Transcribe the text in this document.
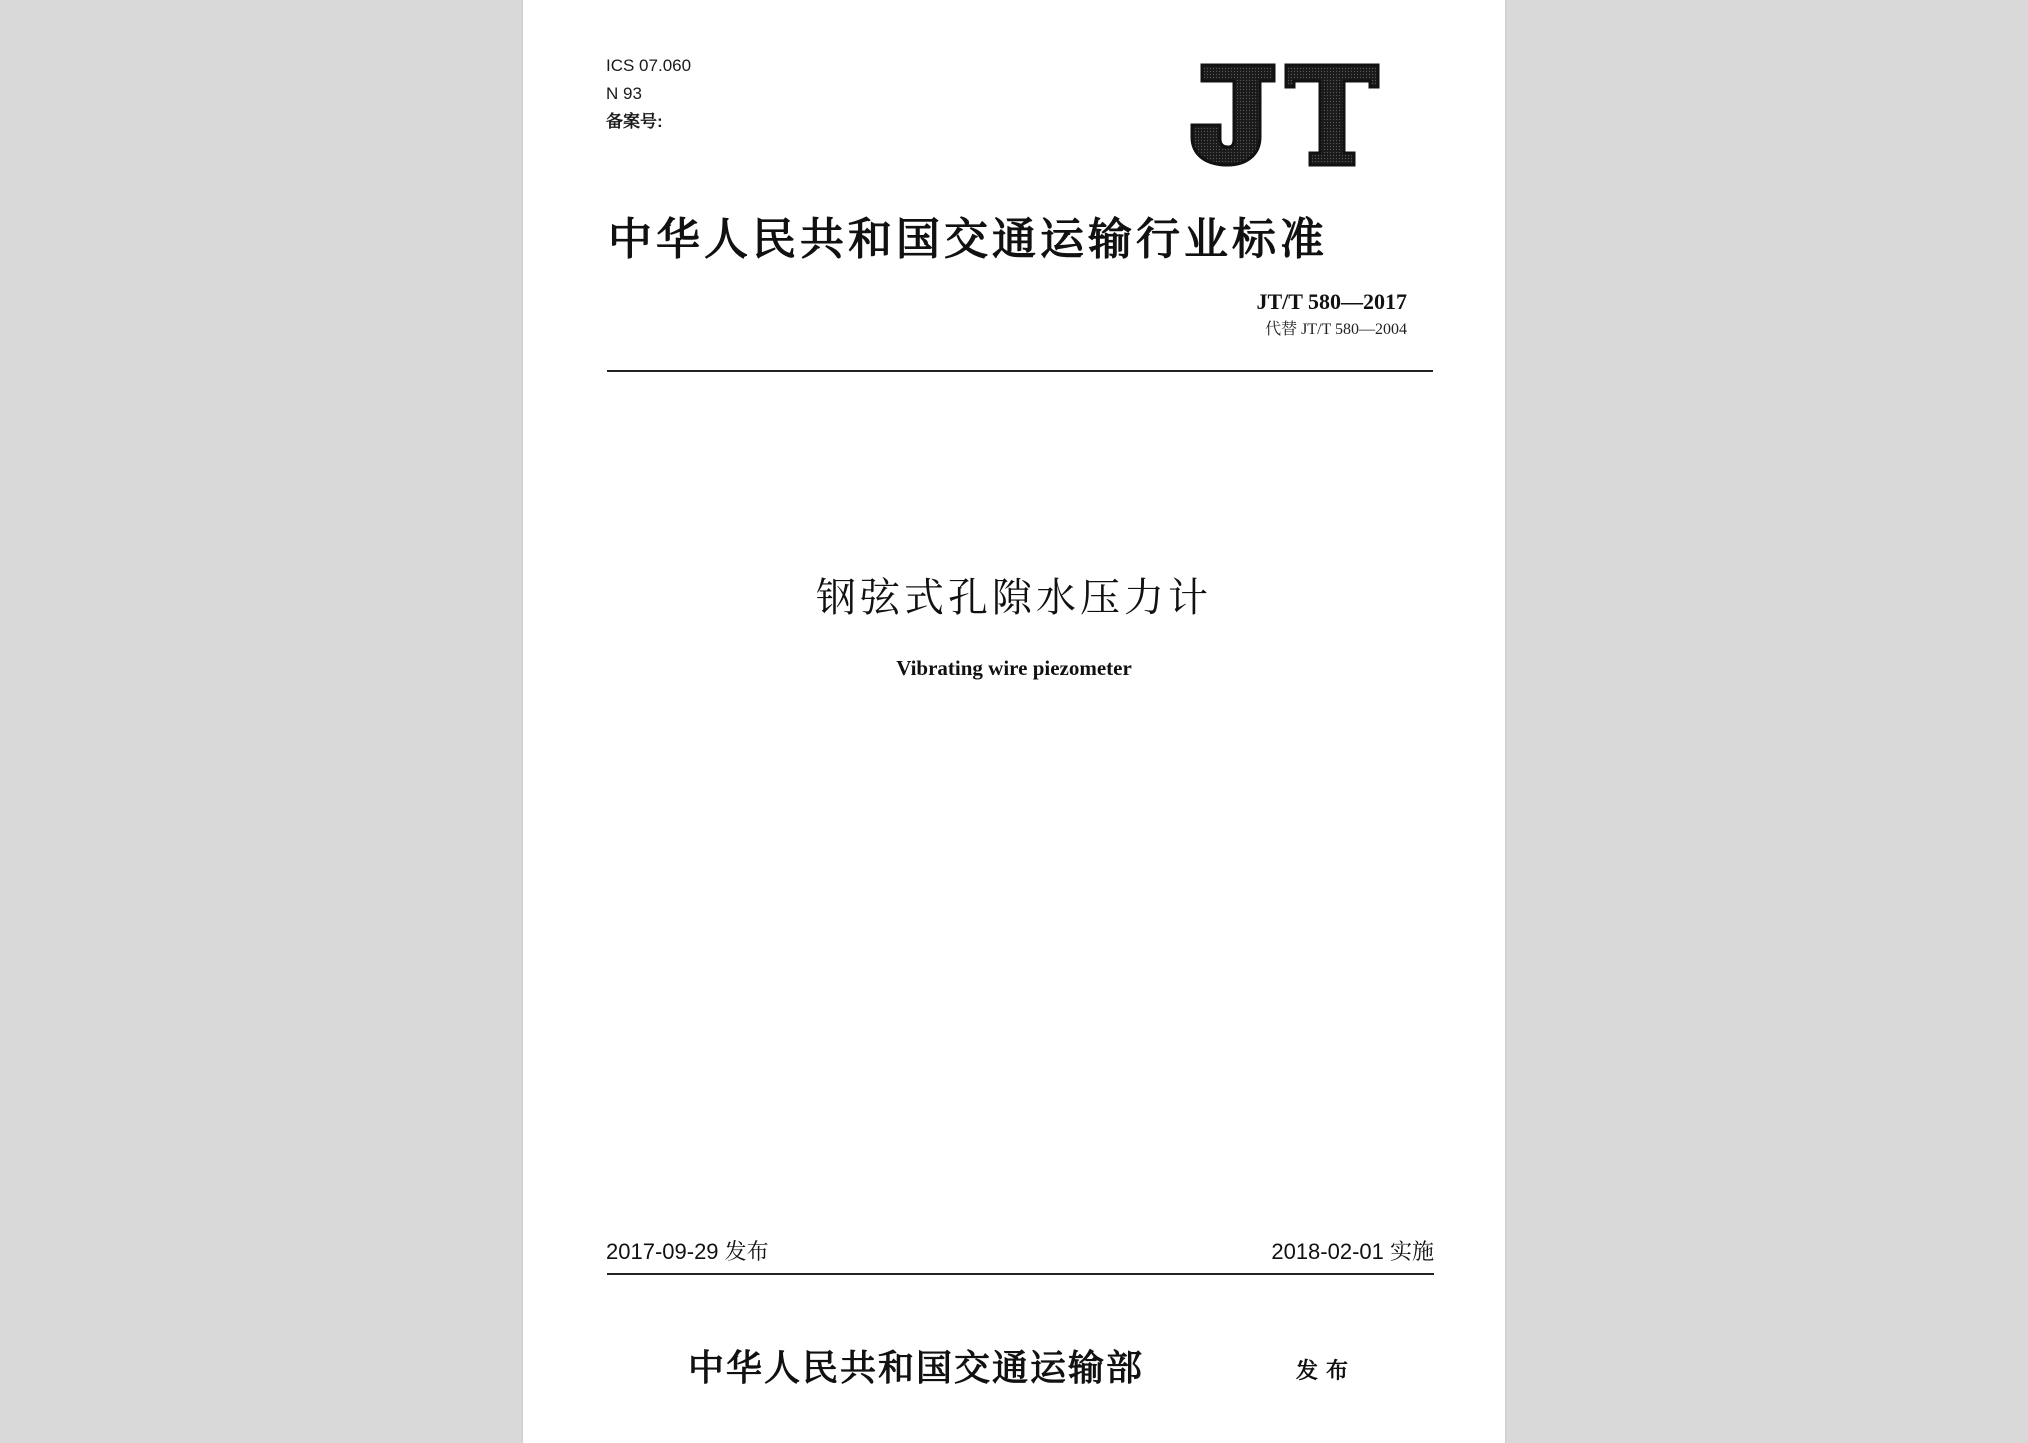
ICS 07.060
N 93
备案号:
中华人民共和国交通运输行业标准
JT/T 580—2017
代替 JT/T 580—2004
钢弦式孔隙水压力计
Vibrating wire piezometer
2017-09-29 发布	2018-02-01 实施
中华人民共和国交通运输部	发布
